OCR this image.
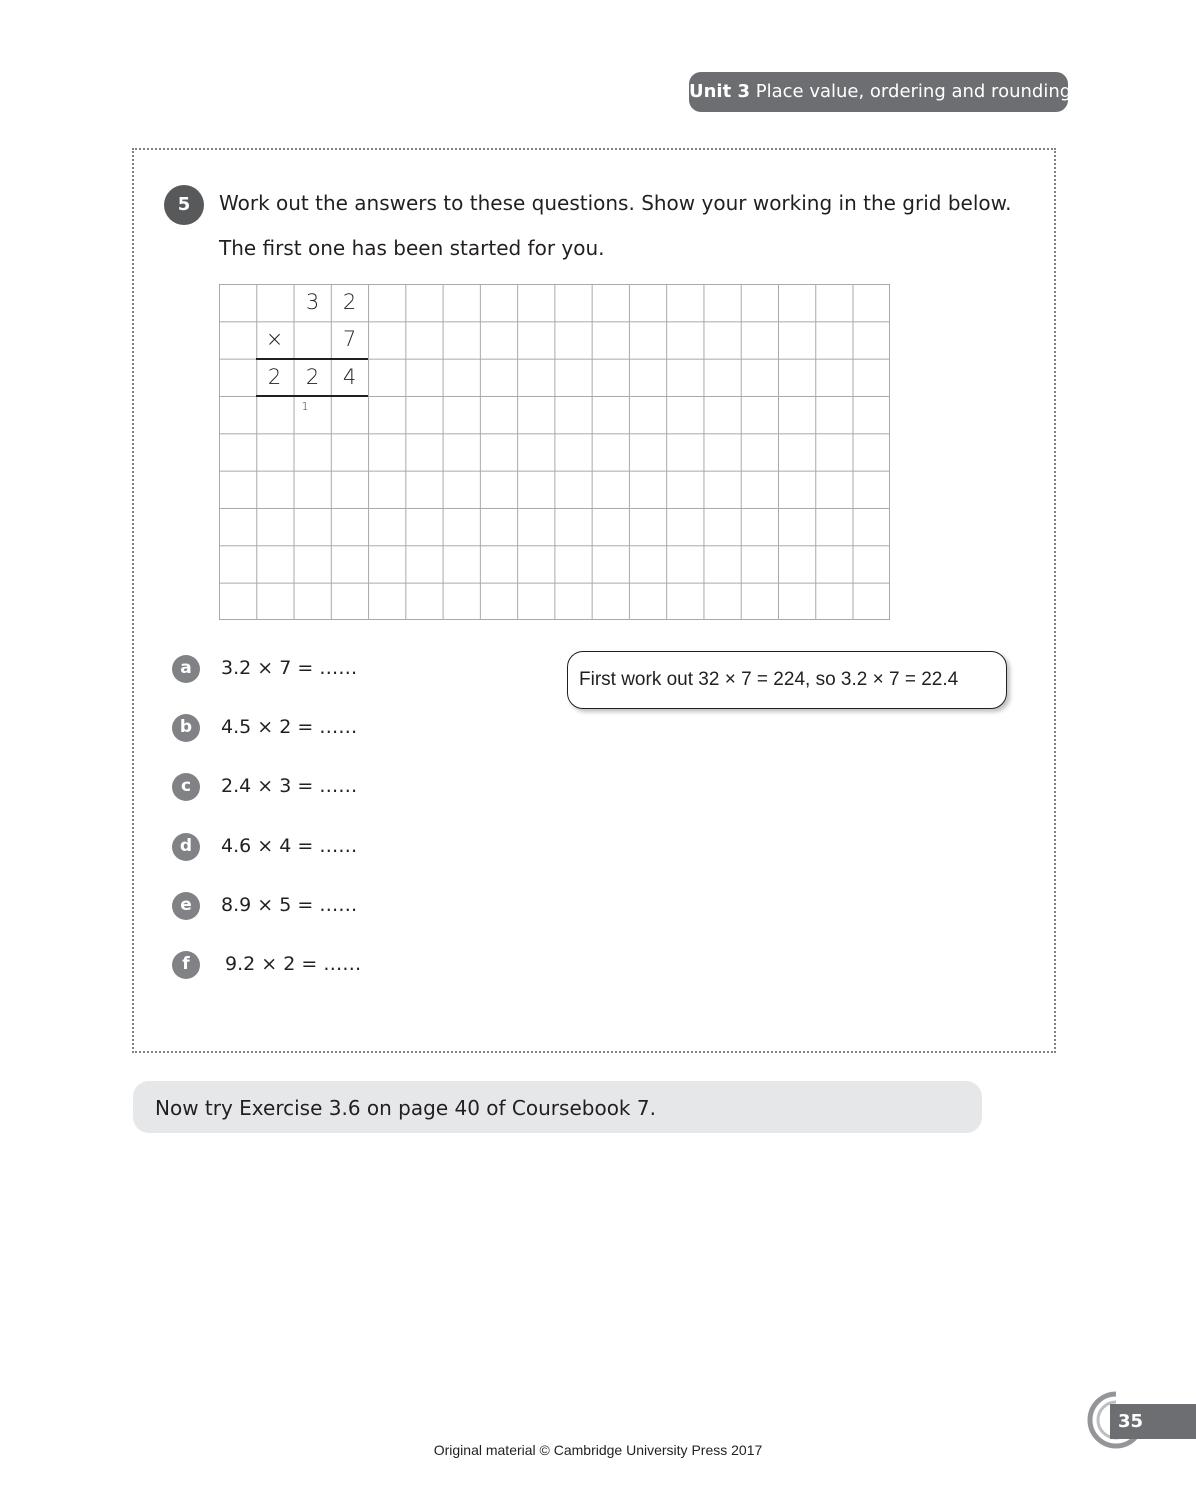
Unit 3 Place value, ordering and rounding
5	Work out the answers to these questions. Show your working in the grid below.
The first one has been started for you.
3	2
×	7
2	2	4
1
a	3.2 × 7 = ……
b	4.5 × 2 = ……
c	2.4 × 3 = ……
d	4.6 × 4 = ……
e	8.9 × 5 = ……
f	9.2 × 2 = ……
First work out 32 × 7 = 224, so 3.2 × 7 = 22.4
Now try Exercise 3.6 on page 40 of Coursebook 7.
35
Original material © Cambridge University Press 2017
